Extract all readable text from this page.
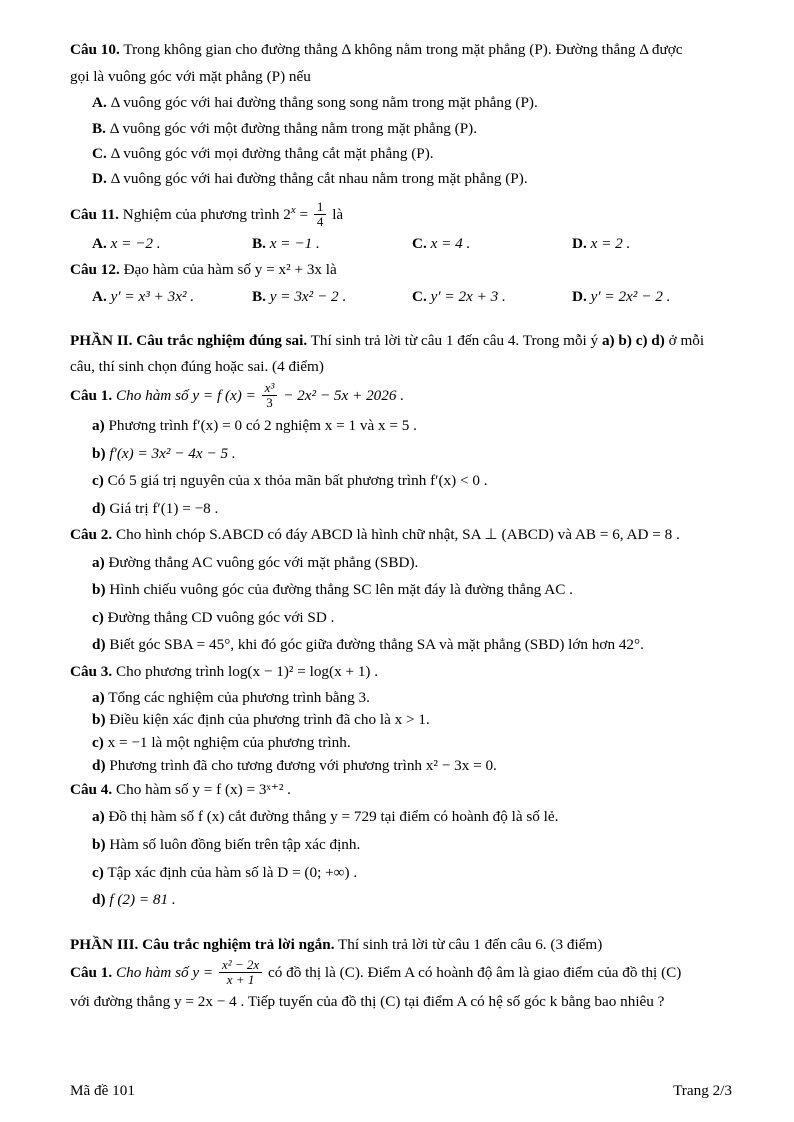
Câu 10. Trong không gian cho đường thẳng Δ không nằm trong mặt phẳng (P). Đường thẳng Δ được
gọi là vuông góc với mặt phẳng (P) nếu
A. Δ vuông góc với hai đường thẳng song song nằm trong mặt phẳng (P).
B. Δ vuông góc với một đường thẳng nằm trong mặt phẳng (P).
C. Δ vuông góc với mọi đường thẳng cắt mặt phẳng (P).
D. Δ vuông góc với hai đường thẳng cắt nhau nằm trong mặt phẳng (P).
Câu 11. Nghiệm của phương trình $2^x = \frac{1}{4}$ là
A. x = −2 .	B. x = −1 .	C. x = 4 .	D. x = 2 .
Câu 12. Đạo hàm của hàm số y = x² + 3x là
A. y′ = x³ + 3x² .	B. y = 3x² − 2 .	C. y′ = 2x + 3 .	D. y′ = 2x² − 2 .
PHẦN II. Câu trắc nghiệm đúng sai. Thí sinh trả lời từ câu 1 đến câu 4. Trong mỗi ý a) b) c) d) ở mỗi
câu, thí sinh chọn đúng hoặc sai. (4 điểm)
Câu 1. Cho hàm số y = f $(x) = \frac{\text{x³}}{3} - 2x^2 - 5x + 2026$ .
a) Phương trình f′(x) = 0 có 2 nghiệm x = 1 và x = 5 .
b) f′(x) = 3x² − 4x − 5 .
c) Có 5 giá trị nguyên của x thỏa mãn bất phương trình f′(x) < 0 .
d) Giá trị f′(1) = −8 .
Câu 2. Cho hình chóp S.ABCD có đáy ABCD là hình chữ nhật, SA ⊥ (ABCD) và AB = 6, AD = 8 .
a) Đường thẳng AC vuông góc với mặt phẳng (SBD).
b) Hình chiếu vuông góc của đường thẳng SC lên mặt đáy là đường thẳng AC .
c) Đường thẳng CD vuông góc với SD .
d) Biết góc SBA = 45°, khi đó góc giữa đường thẳng SA và mặt phẳng (SBD) lớn hơn 42°.
Câu 3. Cho phương trình log(x − 1)² = log(x + 1) .
a) Tổng các nghiệm của phương trình bằng 3.
b) Điều kiện xác định của phương trình đã cho là x > 1.
c) x = −1 là một nghiệm của phương trình.
d) Phương trình đã cho tương đương với phương trình x² − 3x = 0.
Câu 4. Cho hàm số y = f (x) = 3ˣ⁺² .
a) Đồ thị hàm số f (x) cắt đường thẳng y = 729 tại điểm có hoành độ là số lẻ.
b) Hàm số luôn đồng biến trên tập xác định.
c) Tập xác định của hàm số là D = (0; +∞) .
d) f (2) = 81 .
PHẦN III. Câu trắc nghiệm trả lời ngắn. Thí sinh trả lời từ câu 1 đến câu 6. (3 điểm)
Câu 1. Cho hàm số $y = \frac{\text{x² − 2x}}{x + 1}$ có đồ thị là (C). Điểm A có hoành độ âm là giao điểm của đồ thị (C)
với đường thẳng y = 2x − 4 . Tiếp tuyến của đồ thị (C) tại điểm A có hệ số góc k bằng bao nhiêu ?
Mã đề 101	Trang 2/3
